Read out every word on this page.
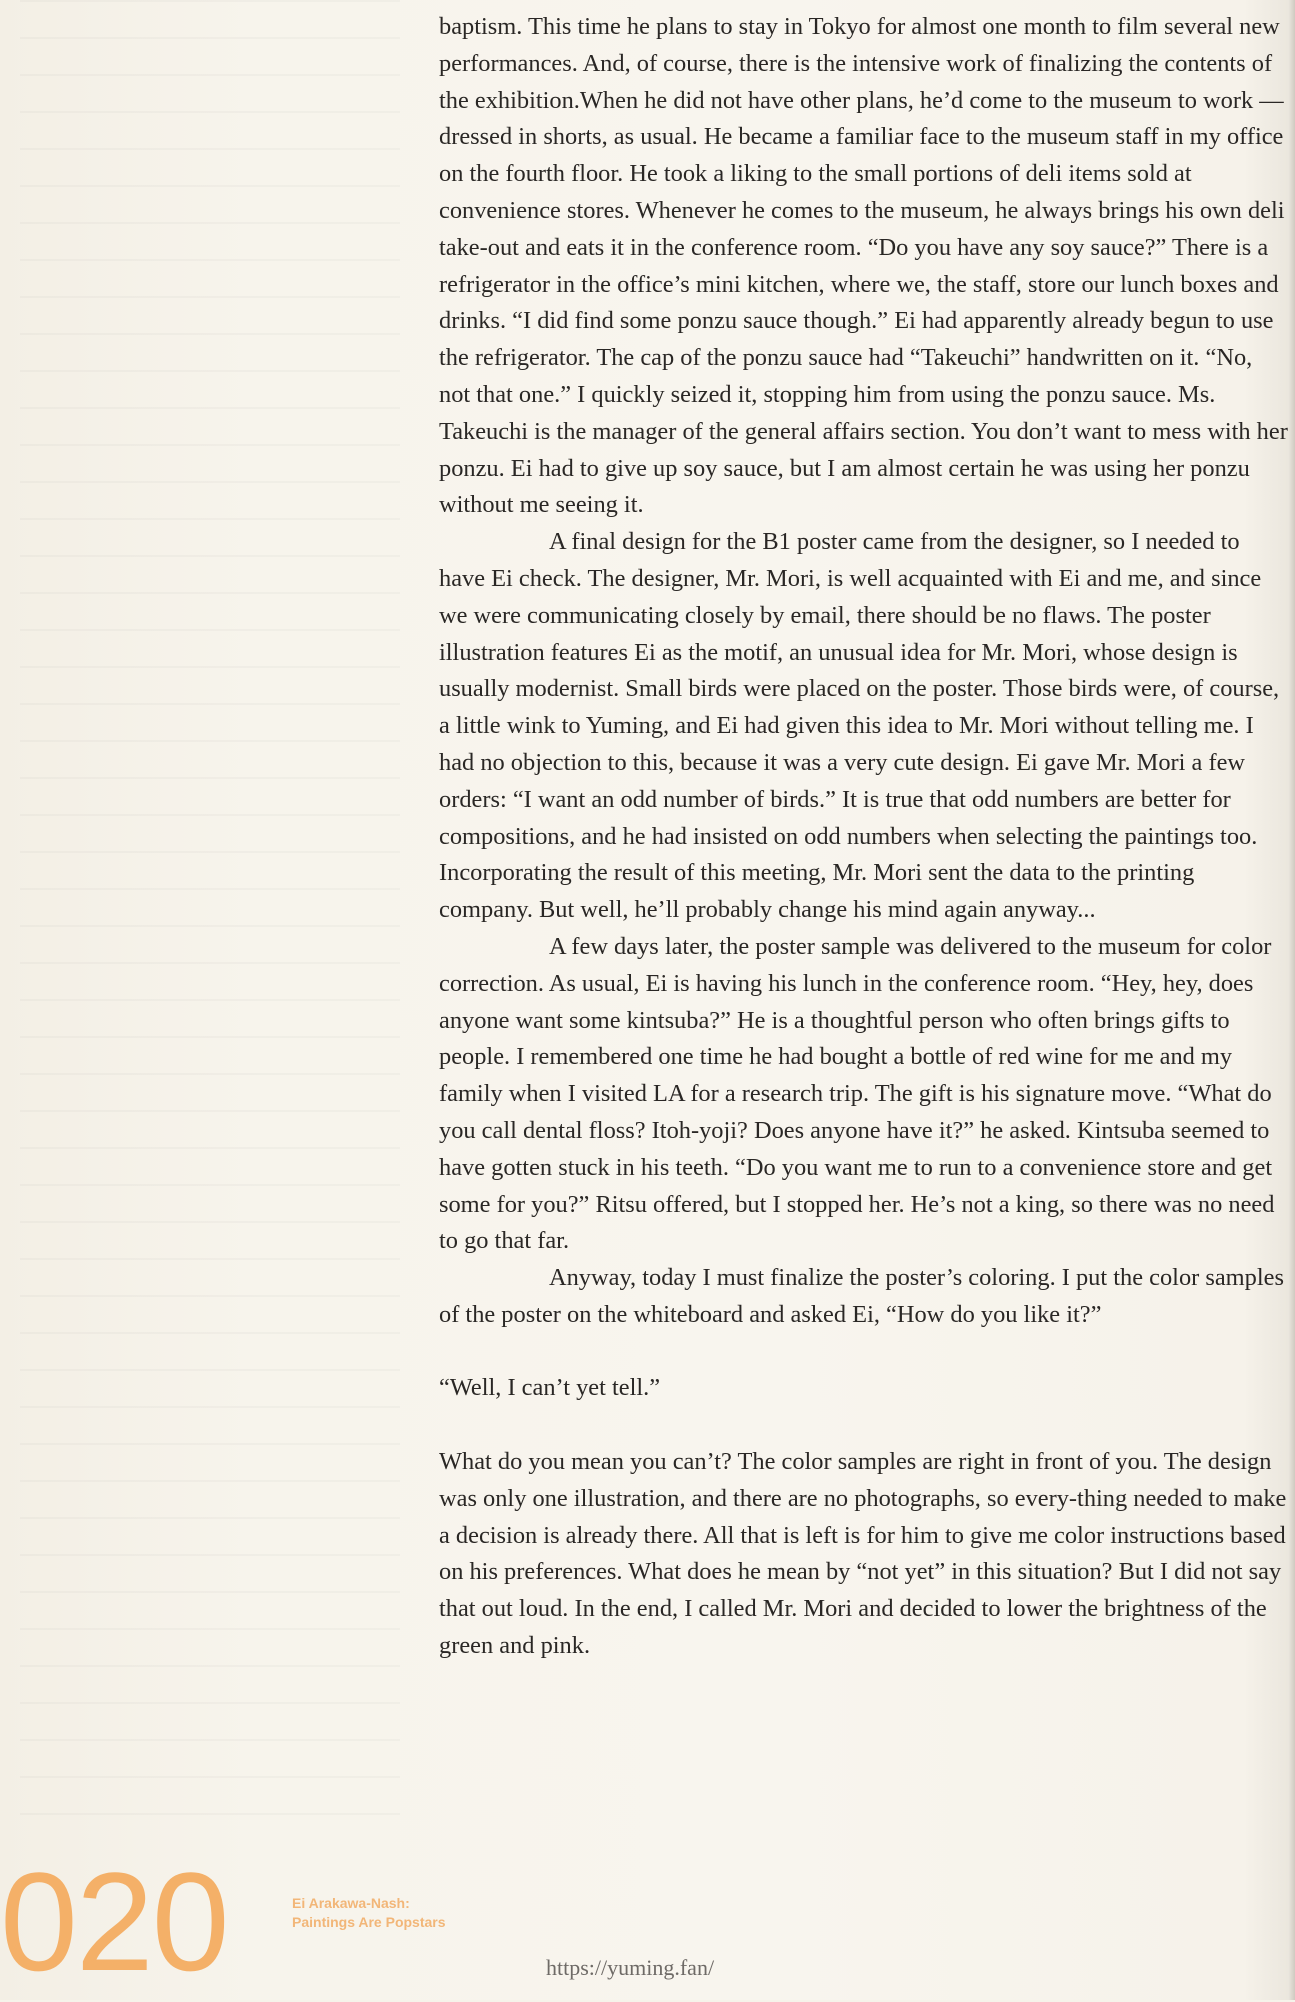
baptism. This time he plans to stay in Tokyo for almost one month to film several new performances. And, of course, there is the intensive work of finalizing the contents of the exhibition.When he did not have other plans, he’d come to the museum to work — dressed in shorts, as usual. He became a familiar face to the museum staff in my office on the fourth floor. He took a liking to the small portions of deli items sold at convenience stores. Whenever he comes to the museum, he always brings his own deli take-out and eats it in the conference room. “Do you have any soy sauce?” There is a refrigerator in the office’s mini kitchen, where we, the staff, store our lunch boxes and drinks. “I did find some ponzu sauce though.” Ei had apparently already begun to use the refrigerator. The cap of the ponzu sauce had “Takeuchi” handwritten on it. “No, not that one.” I quickly seized it, stopping him from using the ponzu sauce. Ms. Takeuchi is the manager of the general affairs section. You don’t want to mess with her ponzu. Ei had to give up soy sauce, but I am almost certain he was using her ponzu without me seeing it.

A final design for the B1 poster came from the designer, so I needed to have Ei check. The designer, Mr. Mori, is well acquainted with Ei and me, and since we were communicating closely by email, there should be no flaws. The poster illustration features Ei as the motif, an unusual idea for Mr. Mori, whose design is usually modernist. Small birds were placed on the poster. Those birds were, of course, a little wink to Yuming, and Ei had given this idea to Mr. Mori without telling me. I had no objection to this, because it was a very cute design. Ei gave Mr. Mori a few orders: “I want an odd number of birds.” It is true that odd numbers are better for compositions, and he had insisted on odd numbers when selecting the paintings too. Incorporating the result of this meeting, Mr. Mori sent the data to the printing company. But well, he’ll probably change his mind again anyway...

A few days later, the poster sample was delivered to the museum for color correction. As usual, Ei is having his lunch in the conference room. “Hey, hey, does anyone want some kintsuba?” He is a thoughtful person who often brings gifts to people. I remembered one time he had bought a bottle of red wine for me and my family when I visited LA for a research trip. The gift is his signature move. “What do you call dental floss? Itoh-yoji? Does anyone have it?” he asked. Kintsuba seemed to have gotten stuck in his teeth. “Do you want me to run to a convenience store and get some for you?” Ritsu offered, but I stopped her. He’s not a king, so there was no need to go that far.

Anyway, today I must finalize the poster’s coloring. I put the color samples of the poster on the whiteboard and asked Ei, “How do you like it?”

“Well, I can’t yet tell.”

What do you mean you can’t? The color samples are right in front of you. The design was only one illustration, and there are no photographs, so every-thing needed to make a decision is already there. All that is left is for him to give me color instructions based on his preferences. What does he mean by “not yet” in this situation? But I did not say that out loud. In the end, I called Mr. Mori and decided to lower the brightness of the green and pink.

020	Ei Arakawa-Nash:
Paintings Are Popstars
https://yuming.fan/
